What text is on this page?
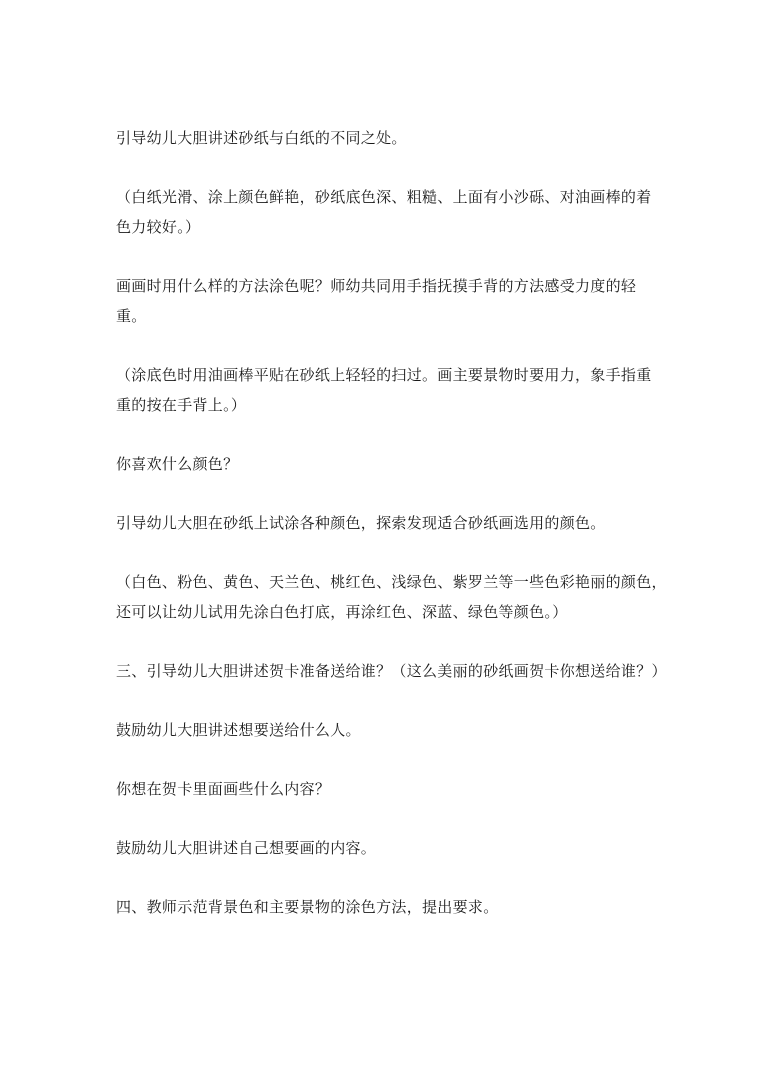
引导幼儿大胆讲述砂纸与白纸的不同之处。
（白纸光滑、涂上颜色鲜艳，砂纸底色深、粗糙、上面有小沙砾、对油画棒的着
色力较好。）
画画时用什么样的方法涂色呢？师幼共同用手指抚摸手背的方法感受力度的轻
重。
（涂底色时用油画棒平贴在砂纸上轻轻的扫过。画主要景物时要用力，象手指重
重的按在手背上。）
你喜欢什么颜色？
引导幼儿大胆在砂纸上试涂各种颜色，探索发现适合砂纸画选用的颜色。
（白色、粉色、黄色、天兰色、桃红色、浅绿色、紫罗兰等一些色彩艳丽的颜色，
还可以让幼儿试用先涂白色打底，再涂红色、深蓝、绿色等颜色。）
三、引导幼儿大胆讲述贺卡准备送给谁？（这么美丽的砂纸画贺卡你想送给谁？）
鼓励幼儿大胆讲述想要送给什么人。
你想在贺卡里面画些什么内容？
鼓励幼儿大胆讲述自己想要画的内容。
四、教师示范背景色和主要景物的涂色方法，提出要求。
